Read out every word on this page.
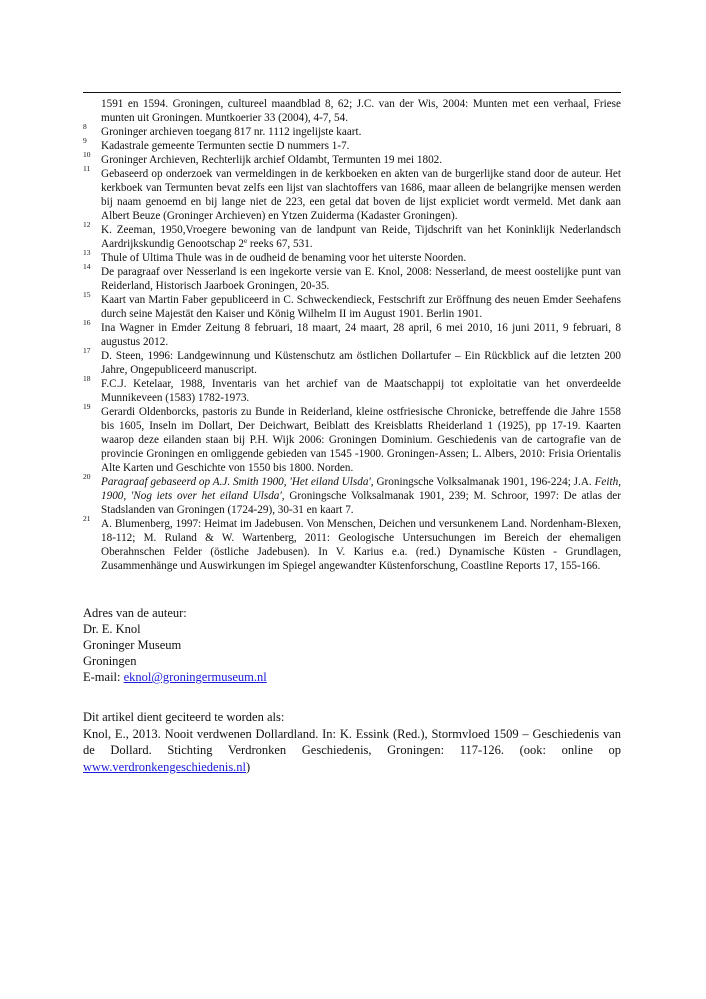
1591 en 1594. Groningen, cultureel maandblad 8, 62; J.C. van der Wis, 2004: Munten met een verhaal, Friese munten uit Groningen. Muntkoerier 33 (2004), 4-7, 54.
8 Groninger archieven toegang 817 nr. 1112 ingelijste kaart.
9 Kadastrale gemeente Termunten sectie D nummers 1-7.
10 Groninger Archieven, Rechterlijk archief Oldambt, Termunten 19 mei 1802.
11 Gebaseerd op onderzoek van vermeldingen in de kerkboeken en akten van de burgerlijke stand door de auteur. Het kerkboek van Termunten bevat zelfs een lijst van slachtoffers van 1686, maar alleen de belangrijke mensen werden bij naam genoemd en bij lange niet de 223, een getal dat boven de lijst expliciet wordt vermeld. Met dank aan Albert Beuze (Groninger Archieven) en Ytzen Zuiderma (Kadaster Groningen).
12 K. Zeeman, 1950,Vroegere bewoning van de landpunt van Reide, Tijdschrift van het Koninklijk Nederlandsch Aardrijkskundig Genootschap 2e reeks 67, 531.
13 Thule of Ultima Thule was in de oudheid de benaming voor het uiterste Noorden.
14 De paragraaf over Nesserland is een ingekorte versie van E. Knol, 2008: Nesserland, de meest oostelijke punt van Reiderland, Historisch Jaarboek Groningen, 20-35.
15 Kaart van Martin Faber gepubliceerd in C. Schweckendieck, Festschrift zur Eröffnung des neuen Emder Seehafens durch seine Majestät den Kaiser und König Wilhelm II im August 1901. Berlin 1901.
16 Ina Wagner in Emder Zeitung 8 februari, 18 maart, 24 maart, 28 april, 6 mei 2010, 16 juni 2011, 9 februari, 8 augustus 2012.
17 D. Steen, 1996: Landgewinnung und Küstenschutz am östlichen Dollartufer – Ein Rückblick auf die letzten 200 Jahre, Ongepubliceerd manuscript.
18 F.C.J. Ketelaar, 1988, Inventaris van het archief van de Maatschappij tot exploitatie van het onverdeelde Munnikeveen (1583) 1782-1973.
19 Gerardi Oldenborcks, pastoris zu Bunde in Reiderland, kleine ostfriesische Chronicke, betreffende die Jahre 1558 bis 1605, Inseln im Dollart, Der Deichwart, Beiblatt des Kreisblatts Rheiderland 1 (1925), pp 17-19. Kaarten waarop deze eilanden staan bij P.H. Wijk 2006: Groningen Dominium. Geschiedenis van de cartografie van de provincie Groningen en omliggende gebieden van 1545 -1900. Groningen-Assen; L. Albers, 2010: Frisia Orientalis Alte Karten und Geschichte von 1550 bis 1800. Norden.
20 Paragraaf gebaseerd op A.J. Smith 1900, 'Het eiland Ulsda', Groningsche Volksalmanak 1901, 196-224; J.A. Feith, 1900, 'Nog iets over het eiland Ulsda', Groningsche Volksalmanak 1901, 239; M. Schroor, 1997: De atlas der Stadslanden van Groningen (1724-29), 30-31 en kaart 7.
21 A. Blumenberg, 1997: Heimat im Jadebusen. Von Menschen, Deichen und versunkenem Land. Nordenham-Blexen, 18-112; M. Ruland & W. Wartenberg, 2011: Geologische Untersuchungen im Bereich der ehemaligen Oberahnschen Felder (östliche Jadebusen). In V. Karius e.a. (red.) Dynamische Küsten - Grundlagen, Zusammenhänge und Auswirkungen im Spiegel angewandter Küstenforschung, Coastline Reports 17, 155-166.
Adres van de auteur:
Dr. E. Knol
Groninger Museum
Groningen
E-mail: eknol@groningermuseum.nl
Dit artikel dient geciteerd te worden als:
Knol, E., 2013. Nooit verdwenen Dollardland. In: K. Essink (Red.), Stormvloed 1509 – Geschiedenis van de Dollard. Stichting Verdronken Geschiedenis, Groningen: 117-126. (ook: online op www.verdronkengeschiedenis.nl)
